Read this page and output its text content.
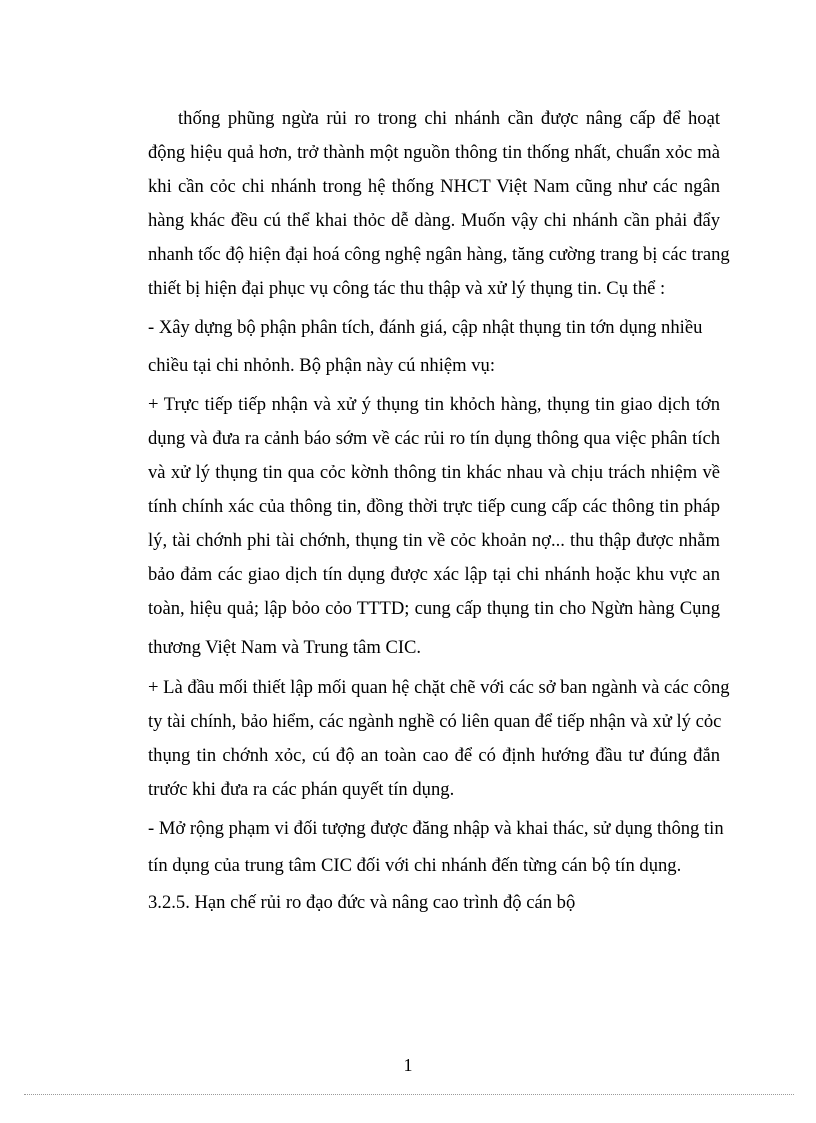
thống phũng ngừa rủi ro trong chi nhánh cần được nâng cấp để hoạt
động hiệu quả hơn, trở thành một nguồn thông tin thống nhất, chuẩn xỏc mà
khi cần cỏc chi nhánh trong hệ thống NHCT Việt Nam cũng như các ngân
hàng khác đều cú thể khai thỏc dễ dàng. Muốn vậy chi nhánh cần phải đẩy
nhanh tốc độ hiện đại hoá công nghệ ngân hàng, tăng cường trang bị các trang
thiết bị hiện đại phục vụ công tác thu thập và xử lý thụng tin. Cụ thể :
- Xây dựng bộ phận phân tích, đánh giá, cập nhật thụng tin tớn dụng nhiều
chiều tại chi nhỏnh. Bộ phận này cú nhiệm vụ:
+ Trực tiếp tiếp nhận và xử ý thụng tin khỏch hàng, thụng tin giao dịch tớn
dụng và đưa ra cảnh báo sớm về các rủi ro tín dụng thông qua việc phân tích
và xử lý thụng tin qua cỏc kờnh thông tin khác nhau và chịu trách nhiệm về
tính chính xác của thông tin, đồng thời trực tiếp cung cấp các thông tin pháp
lý, tài chớnh phi tài chớnh, thụng tin về cỏc khoản nợ... thu thập được nhằm
bảo đảm các giao dịch tín dụng được xác lập tại chi nhánh hoặc khu vực an
toàn, hiệu quả; lập bỏo cỏo TTTD; cung cấp thụng tin cho Ngừn hàng Cụng
thương Việt Nam và Trung tâm CIC.
+ Là đầu mối thiết lập mối quan hệ chặt chẽ với các sở ban ngành và các công
ty tài chính, bảo hiểm, các ngành nghề có liên quan để tiếp nhận và xử lý cỏc
thụng tin chớnh xỏc, cú độ an toàn cao để có định hướng đầu tư đúng đắn
trước khi đưa ra các phán quyết tín dụng.
- Mở rộng phạm vi đối tượng được đăng nhập và khai thác, sử dụng thông tin
tín dụng của trung tâm CIC đối với chi nhánh đến từng cán bộ tín dụng.
3.2.5. Hạn chế rủi ro đạo đức và nâng cao trình độ cán bộ
1
